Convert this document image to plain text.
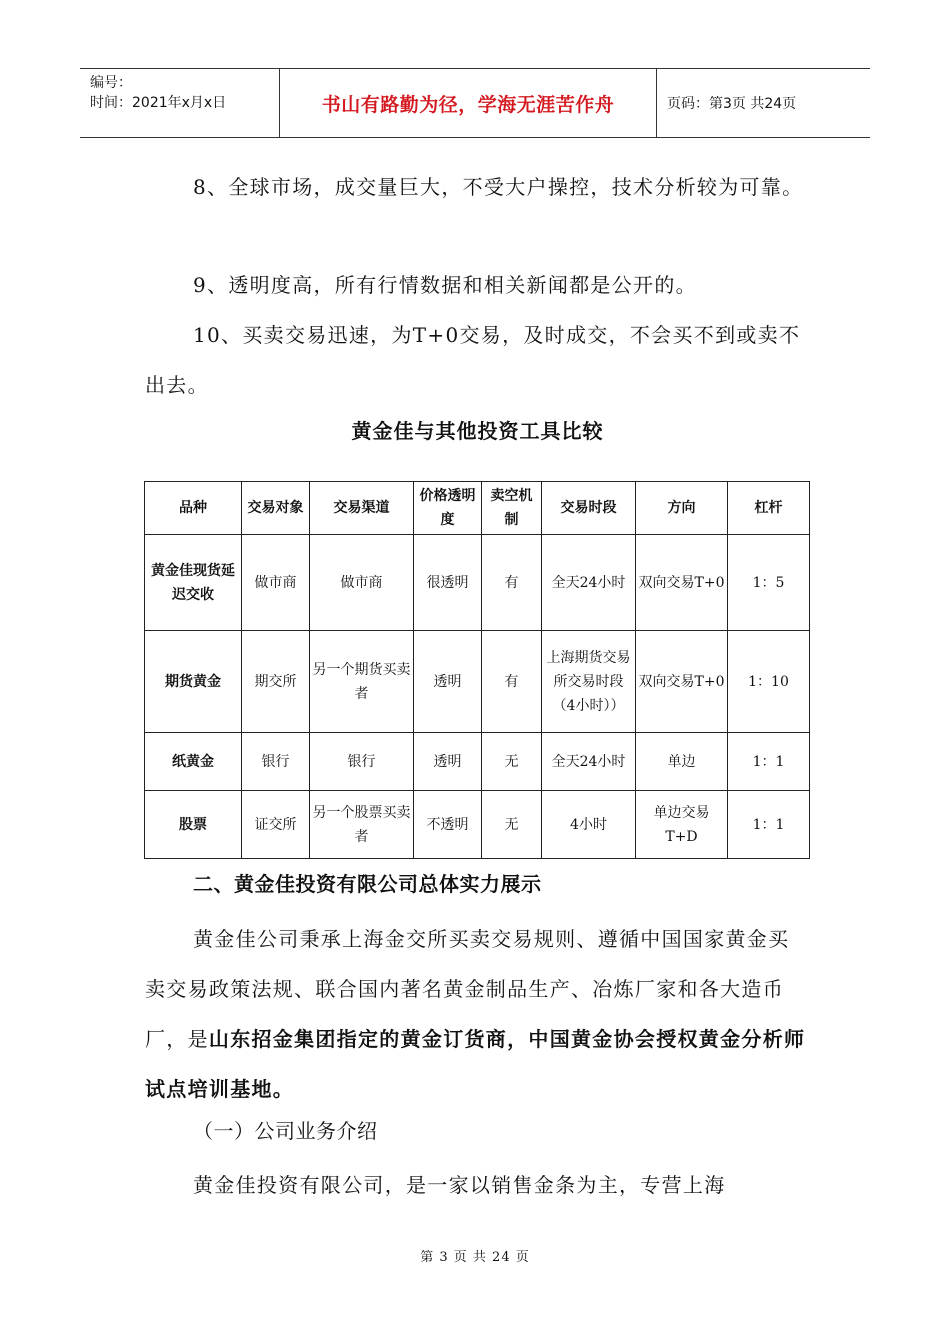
编号：
时间：2021年x月x日	书山有路勤为径，学海无涯苦作舟	页码：第3页 共24页
8、全球市场，成交量巨大，不受大户操控，技术分析较为可靠。
9、透明度高，所有行情数据和相关新闻都是公开的。
10、买卖交易迅速，为T+0交易，及时成交，不会买不到或卖不出去。
黄金佳与其他投资工具比较
品种	交易对象	交易渠道	价格透明度	卖空机制	交易时段	方向	杠杆
黄金佳现货延迟交收	做市商	做市商	很透明	有	全天24小时	双向交易T+0	1：5
期货黄金	期交所	另一个期货买卖者	透明	有	上海期货交易所交易时段（4小时））	双向交易T+0	1：10
纸黄金	银行	银行	透明	无	全天24小时	单边	1：1
股票	证交所	另一个股票买卖者	不透明	无	4小时	单边交易T+D	1：1
二、黄金佳投资有限公司总体实力展示
黄金佳公司秉承上海金交所买卖交易规则、遵循中国国家黄金买卖交易政策法规、联合国内著名黄金制品生产、冶炼厂家和各大造币厂，是山东招金集团指定的黄金订货商，中国黄金协会授权黄金分析师试点培训基地。
（一）公司业务介绍
黄金佳投资有限公司，是一家以销售金条为主，专营上海
第 3 页 共 24 页
